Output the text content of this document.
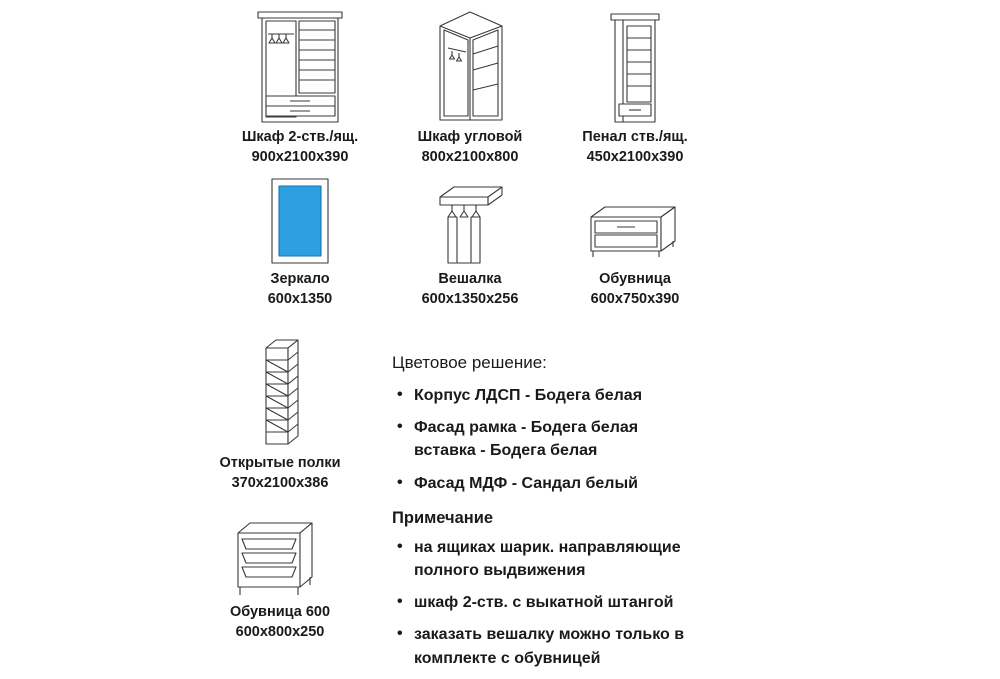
Шкаф 2-ств./ящ.
900x2100x390
Шкаф угловой
800x2100x800
Пенал ств./ящ.
450x2100x390
Зеркало
600x1350
Вешалка
600x1350x256
Обувница
600x750x390
Открытые полки
370x2100x386
Обувница 600
600x800x250
Цветовое решение:
• Корпус ЛДСП - Бодега белая
• Фасад рамка - Бодега белая
вставка - Бодега белая
• Фасад МДФ - Сандал белый
Примечание
• на ящиках шарик. направляющие
полного выдвижения
• шкаф 2-ств. с выкатной штангой
• заказать вешалку можно только в
комплекте с обувницей
